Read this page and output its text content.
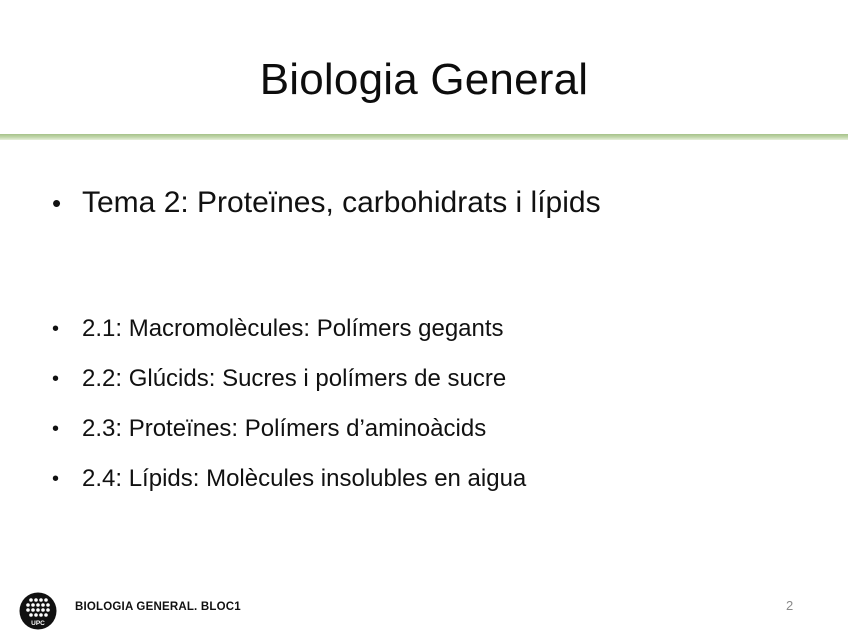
Biologia General
• Tema 2: Proteïnes, carbohidrats i lípids
• 2.1: Macromolècules: Polímers gegants
• 2.2: Glúcids: Sucres i polímers de sucre
• 2.3: Proteïnes: Polímers d’aminoàcids
• 2.4: Lípids: Molècules insolubles en aigua
UPC
BIOLOGIA GENERAL. BLOC1	2
